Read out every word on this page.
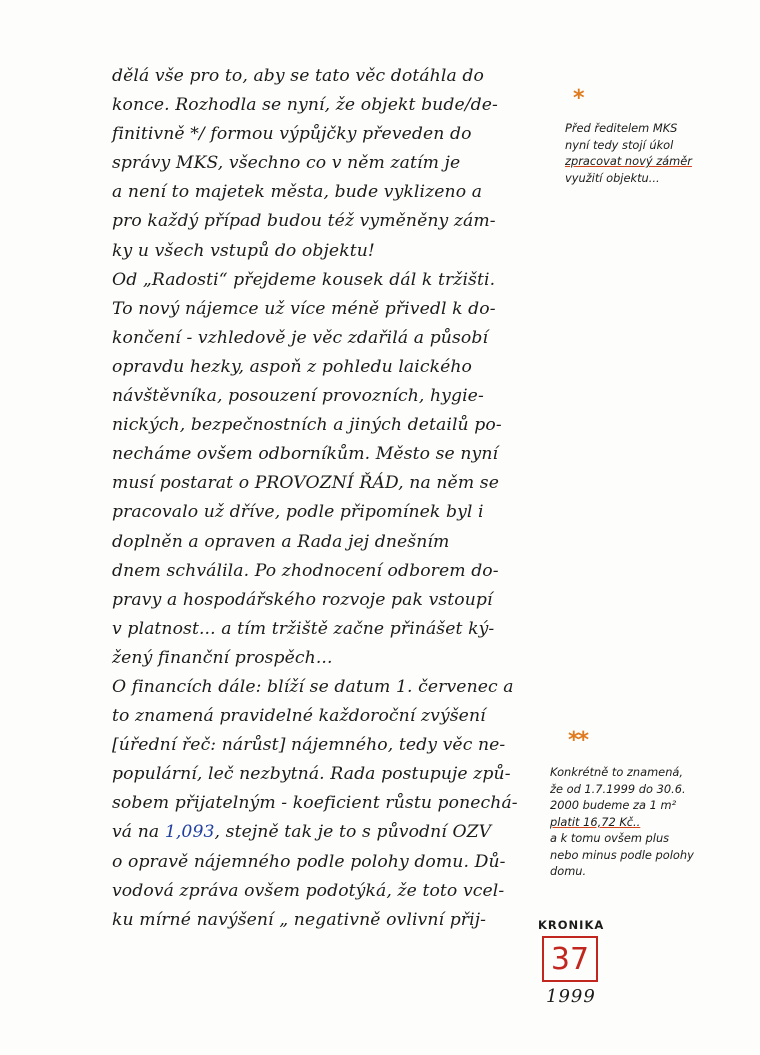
dělá vše pro to, aby se tato věc dotáhla do
konce. Rozhodla se nyní, že objekt bude/de-
finitivně */ formou výpůjčky převeden do
správy MKS, všechno co v něm zatím je
a není to majetek města, bude vyklizeno a
pro každý případ budou též vyměněny zám-
ky u všech vstupů do objektu!
Od „Radosti“ přejdeme kousek dál k tržišti.
To nový nájemce už více méně přivedl k do-
končení - vzhledově je věc zdařilá a působí
opravdu hezky, aspoň z pohledu laického
návštěvníka, posouzení provozních, hygie-
nických, bezpečnostních a jiných detailů po-
necháme ovšem odborníkům. Město se nyní
musí postarat o PROVOZNÍ ŘÁD, na něm se
pracovalo už dříve, podle připomínek byl i
doplněn a opraven a Rada jej dnešním
dnem schválila. Po zhodnocení odborem do-
pravy a hospodářského rozvoje pak vstoupí
v platnost... a tím tržiště začne přinášet ký-
žený finanční prospěch...
O financích dále: blíží se datum 1. červenec a
to znamená pravidelné každoroční zvýšení
[úřední řeč: nárůst] nájemného, tedy věc ne-
populární, leč nezbytná. Rada postupuje způ-
sobem přijatelným - koeficient růstu ponechá-
vá na 1,093, stejně tak je to s původní OZV
o opravě nájemného podle polohy domu. Dů-
vodová zpráva ovšem podotýká, že toto vcel-
ku mírné navýšení „ negativně ovlivní přij-
*
Před ředitelem MKS
nyní tedy stojí úkol
zpracovat nový záměr
využití objektu...
**
Konkrétně to znamená,
že od 1.7.1999 do 30.6.
2000 budeme za 1 m²
platit 16,72 Kč..
a k tomu ovšem plus
nebo minus podle polohy
domu.
KRONIKA
37
1999
